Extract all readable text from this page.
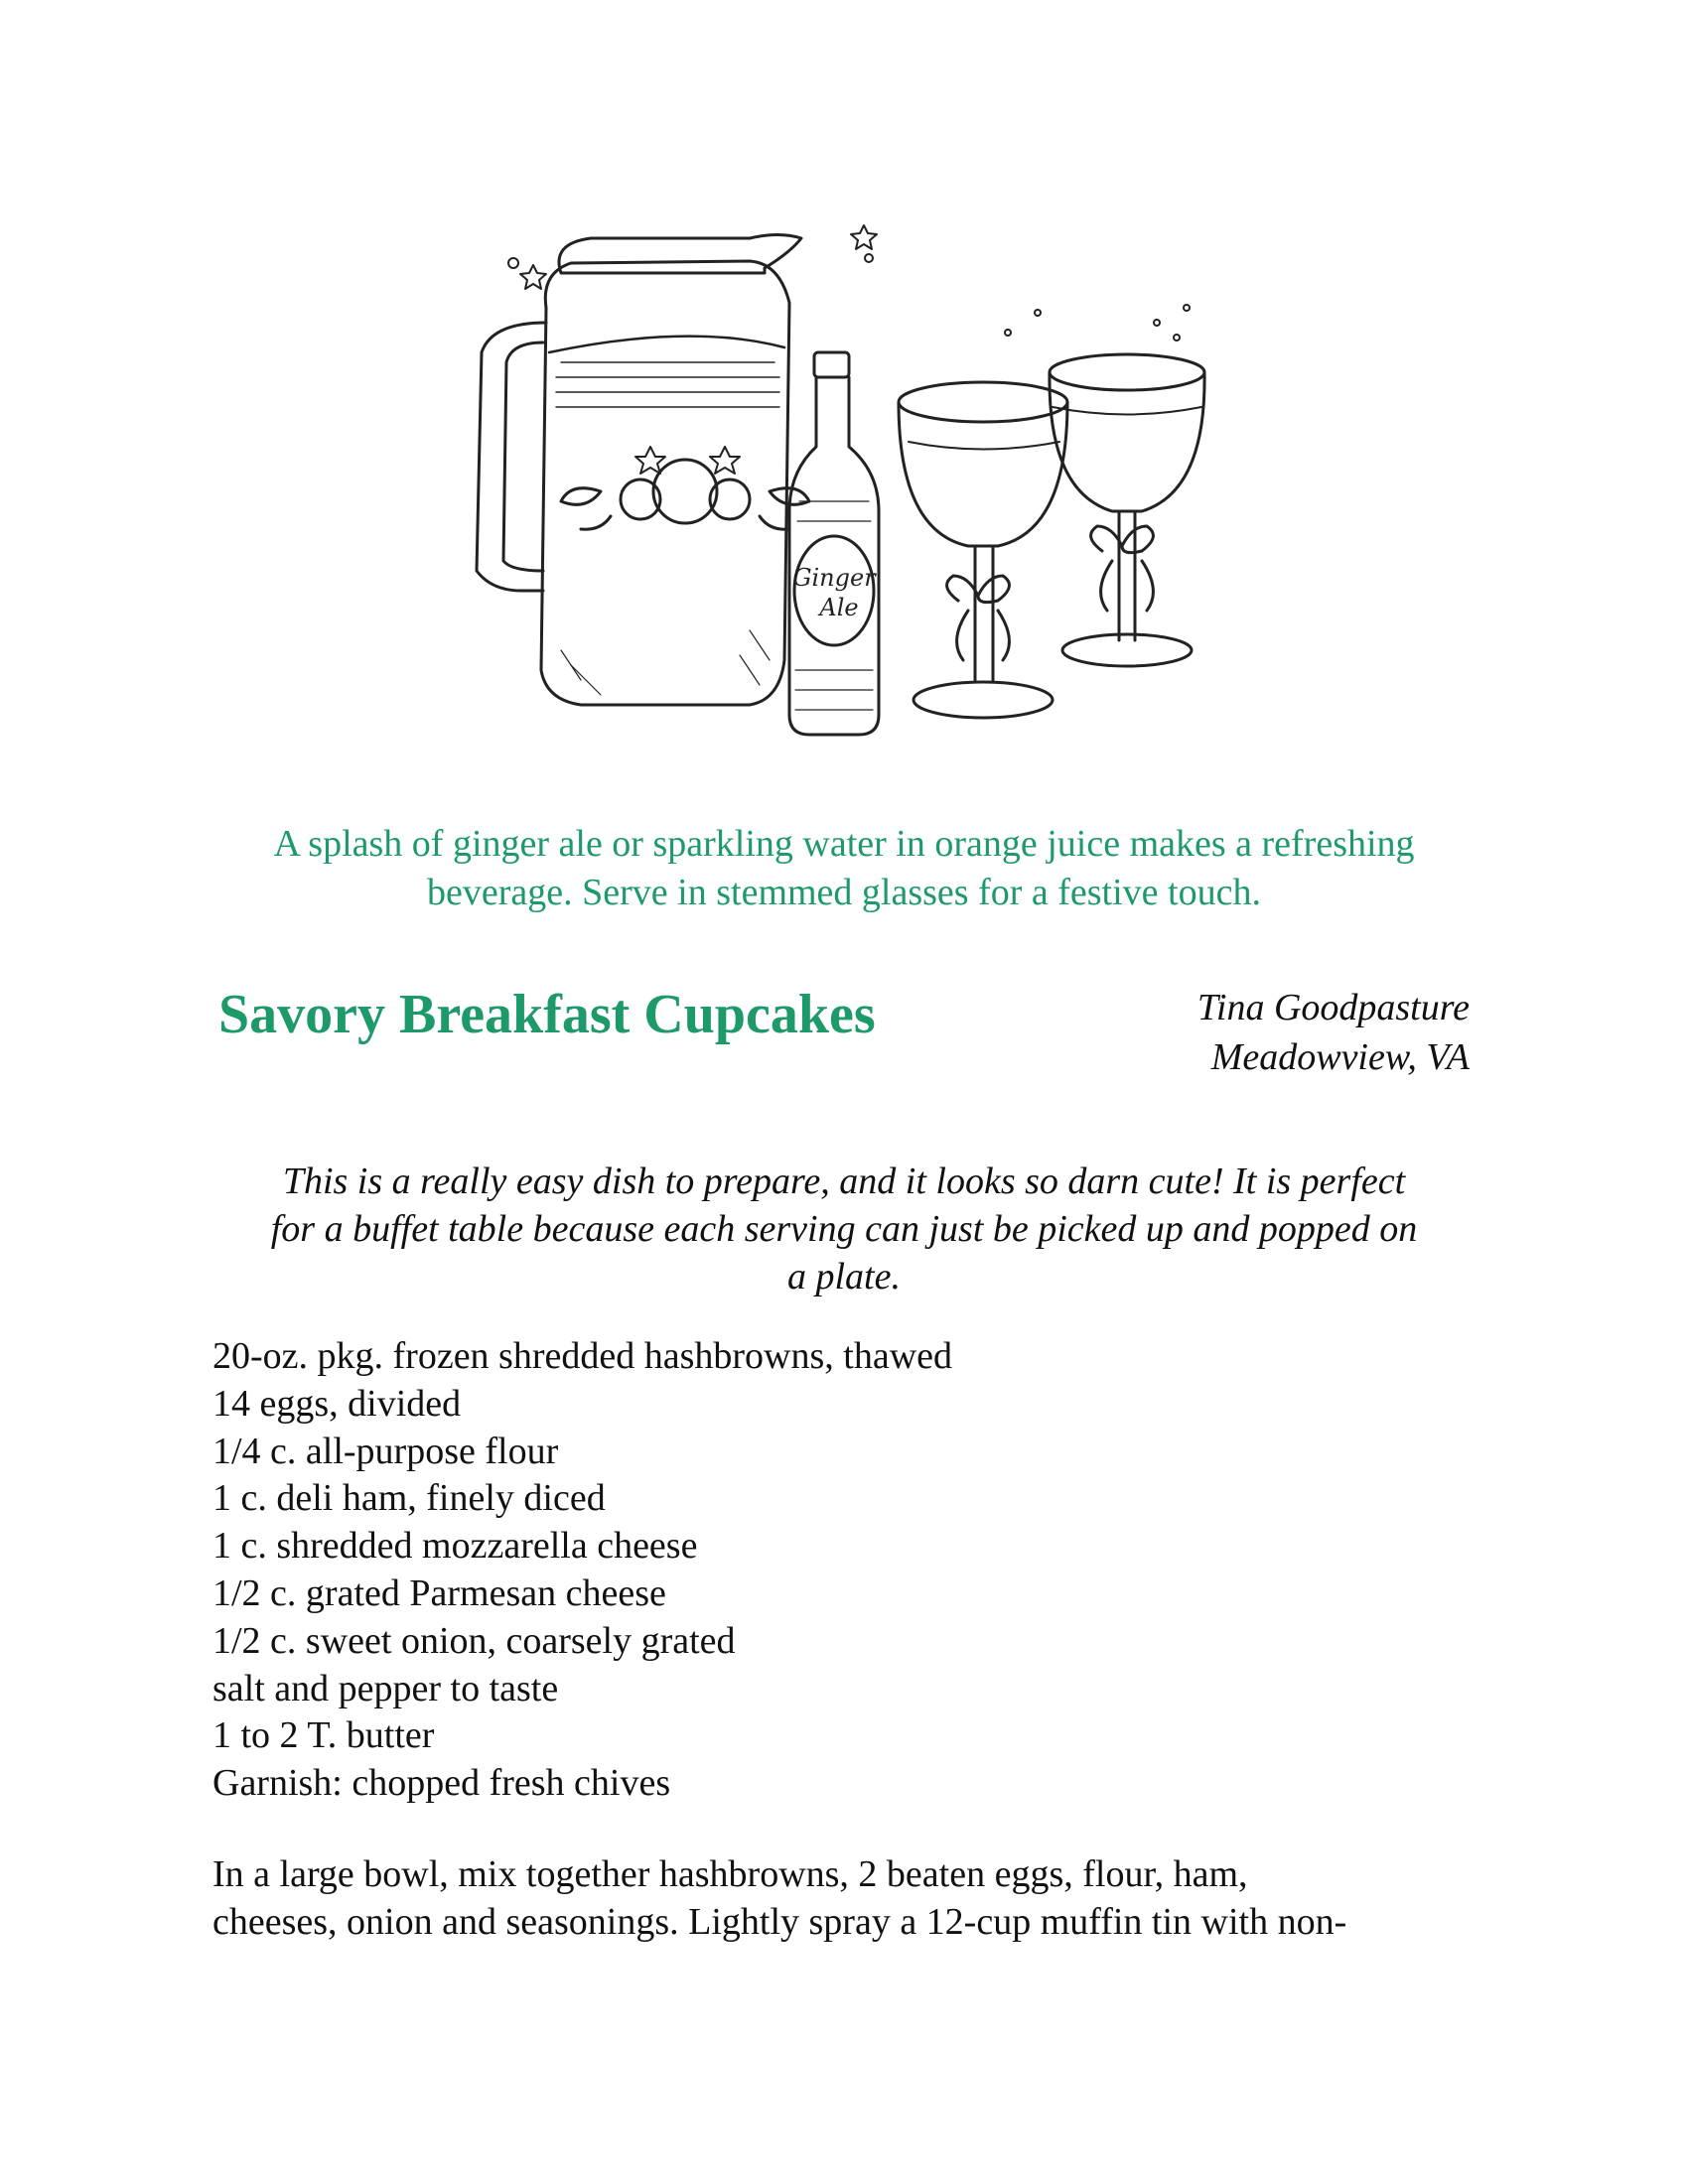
Ginger
Ale
A splash of ginger ale or sparkling water in orange juice makes a refreshing
beverage. Serve in stemmed glasses for a festive touch.
Savory Breakfast Cupcakes	Tina Goodpasture
Meadowview, VA
This is a really easy dish to prepare, and it looks so darn cute! It is perfect
for a buffet table because each serving can just be picked up and popped on
a plate.
20-oz. pkg. frozen shredded hashbrowns, thawed
14 eggs, divided
1/4 c. all-purpose flour
1 c. deli ham, finely diced
1 c. shredded mozzarella cheese
1/2 c. grated Parmesan cheese
1/2 c. sweet onion, coarsely grated
salt and pepper to taste
1 to 2 T. butter
Garnish: chopped fresh chives
In a large bowl, mix together hashbrowns, 2 beaten eggs, flour, ham,
cheeses, onion and seasonings. Lightly spray a 12-cup muffin tin with non-
